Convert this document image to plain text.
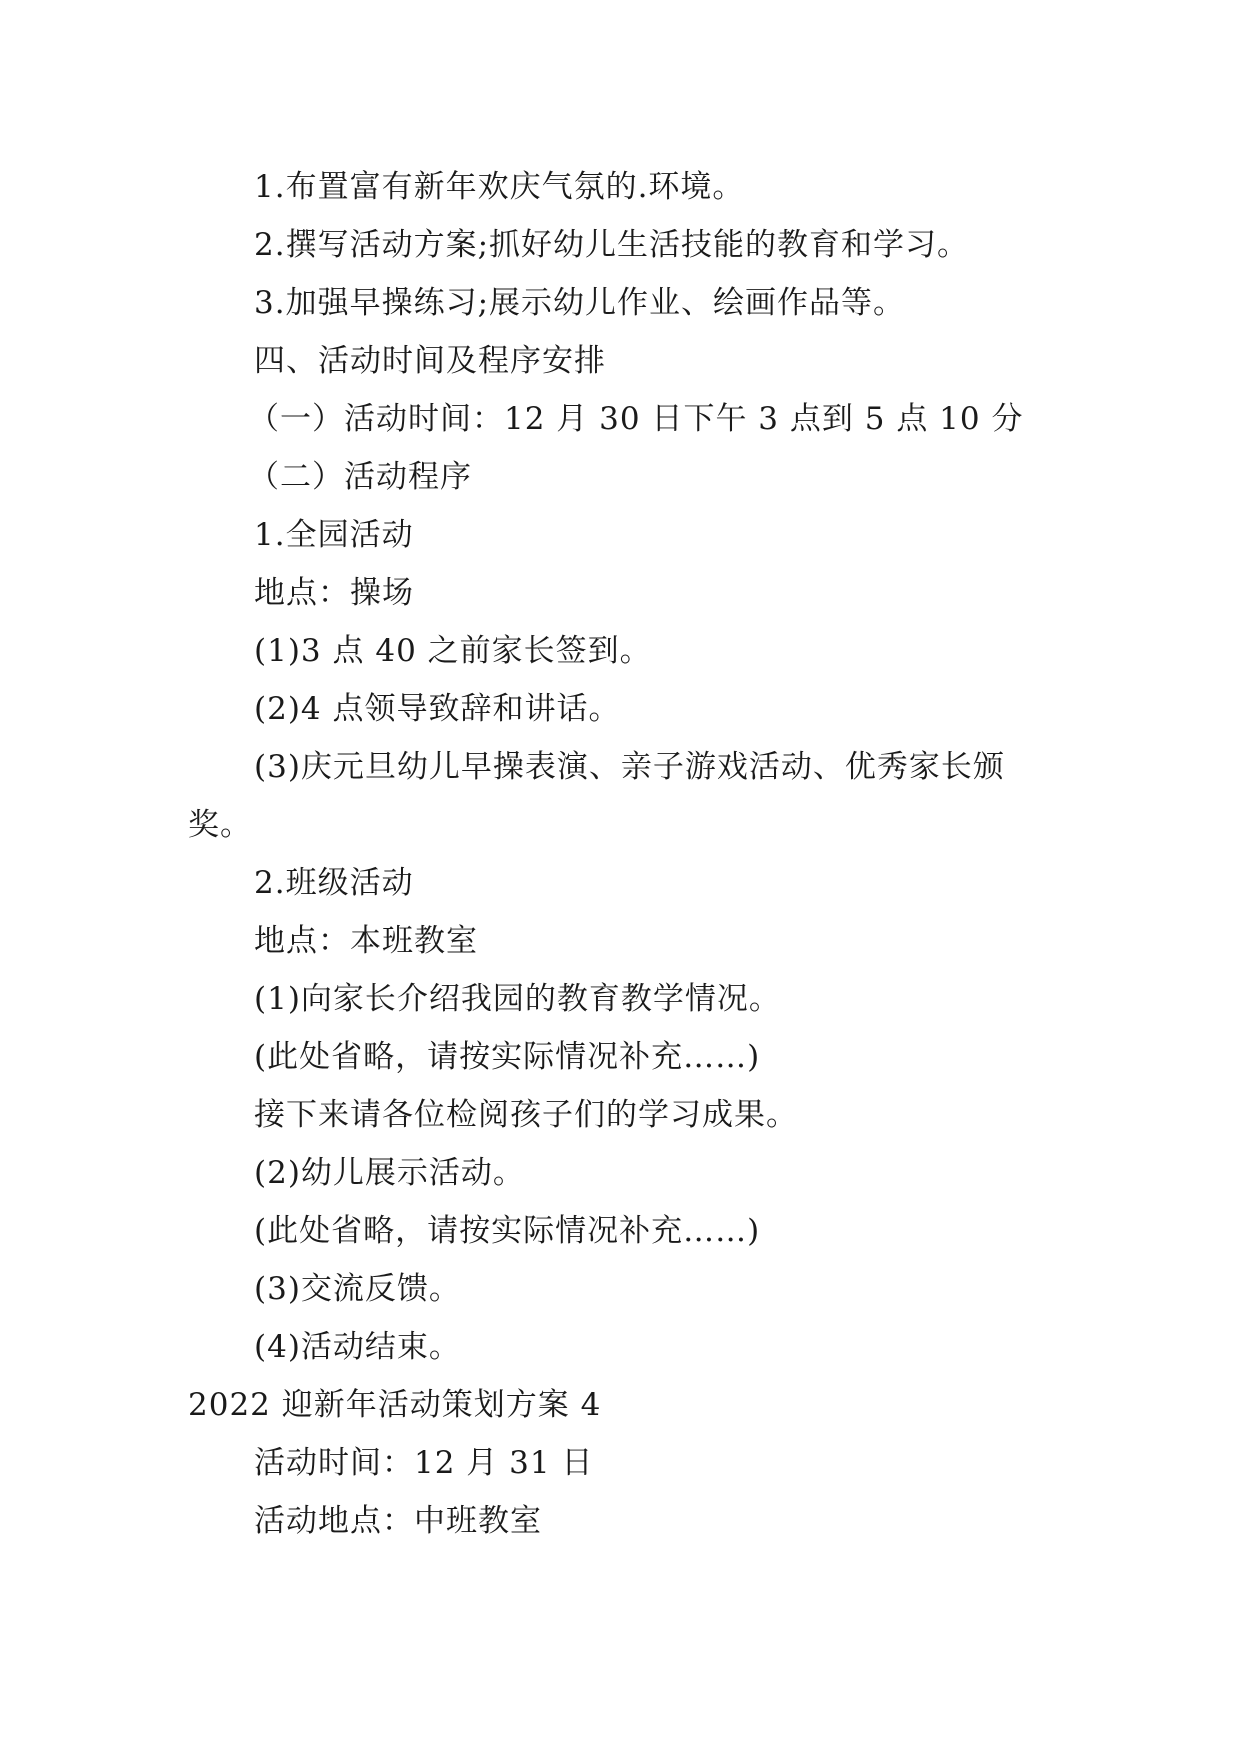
1.布置富有新年欢庆气氛的.环境。
2.撰写活动方案;抓好幼儿生活技能的教育和学习。
3.加强早操练习;展示幼儿作业、绘画作品等。
四、活动时间及程序安排
（一）活动时间：12 月 30 日下午 3 点到 5 点 10 分
（二）活动程序
1.全园活动
地点：操场
(1)3 点 40 之前家长签到。
(2)4 点领导致辞和讲话。
(3)庆元旦幼儿早操表演、亲子游戏活动、优秀家长颁
奖。
2.班级活动
地点：本班教室
(1)向家长介绍我园的教育教学情况。
(此处省略，请按实际情况补充……)
接下来请各位检阅孩子们的学习成果。
(2)幼儿展示活动。
(此处省略，请按实际情况补充……)
(3)交流反馈。
(4)活动结束。
2022 迎新年活动策划方案 4
活动时间：12 月 31 日
活动地点：中班教室
